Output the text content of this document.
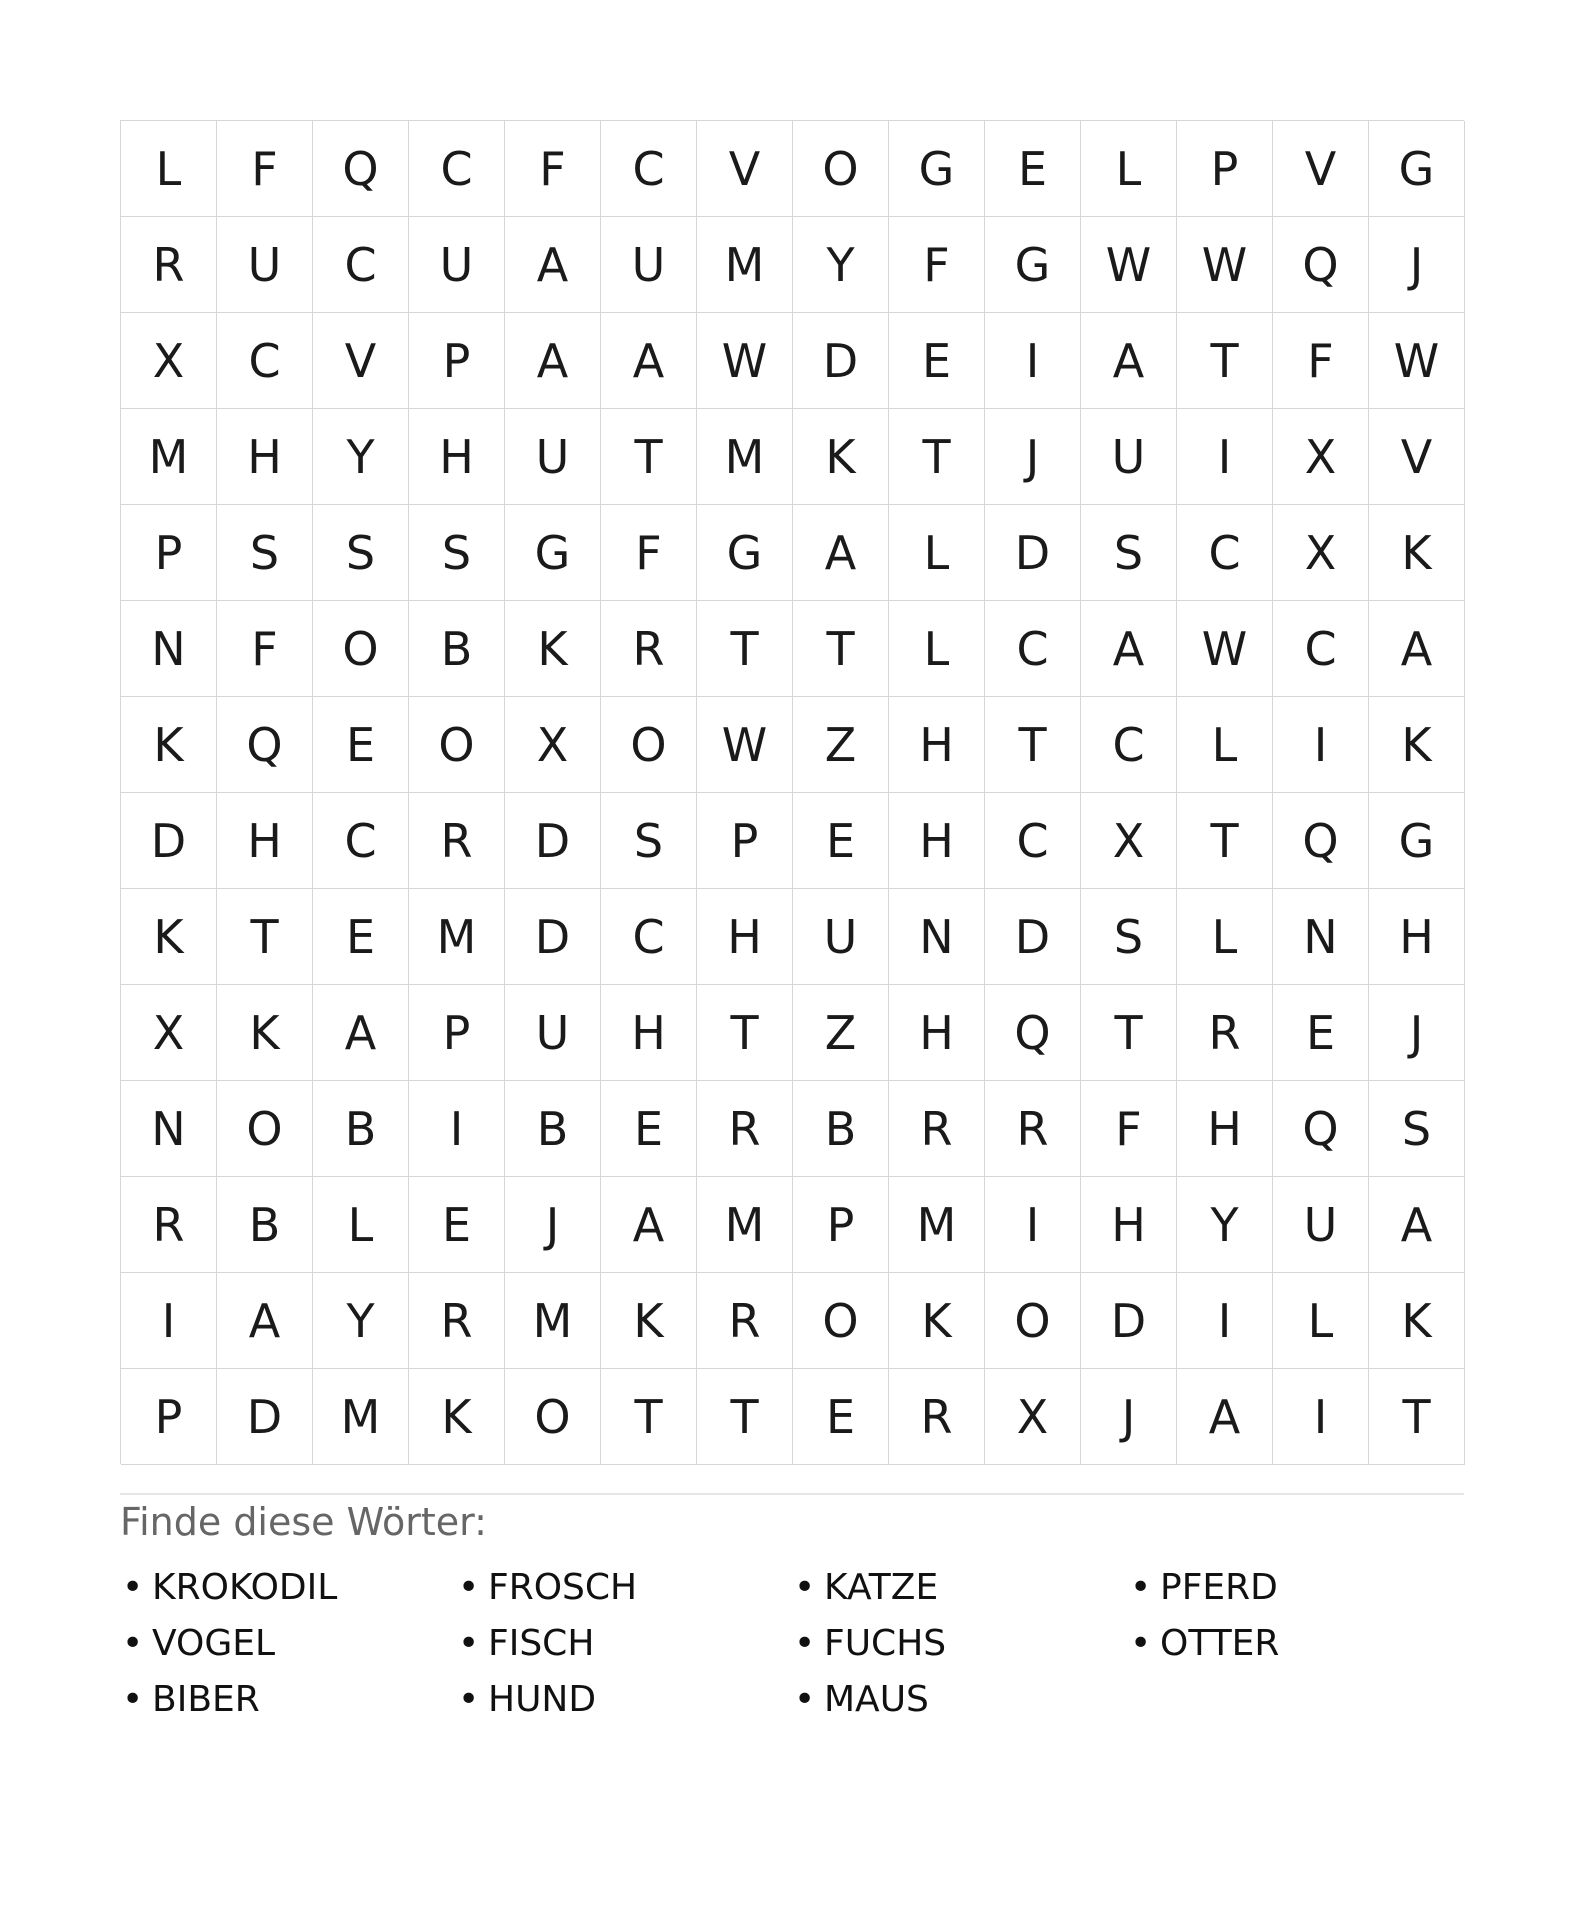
L	F	Q	C	F	C	V	O	G	E	L	P	V	G
R	U	C	U	A	U	M	Y	F	G	W	W	Q	J
X	C	V	P	A	A	W	D	E	I	A	T	F	W
M	H	Y	H	U	T	M	K	T	J	U	I	X	V
P	S	S	S	G	F	G	A	L	D	S	C	X	K
N	F	O	B	K	R	T	T	L	C	A	W	C	A
K	Q	E	O	X	O	W	Z	H	T	C	L	I	K
D	H	C	R	D	S	P	E	H	C	X	T	Q	G
K	T	E	M	D	C	H	U	N	D	S	L	N	H
X	K	A	P	U	H	T	Z	H	Q	T	R	E	J
N	O	B	I	B	E	R	B	R	R	F	H	Q	S
R	B	L	E	J	A	M	P	M	I	H	Y	U	A
I	A	Y	R	M	K	R	O	K	O	D	I	L	K
P	D	M	K	O	T	T	E	R	X	J	A	I	T
Finde diese Wörter:
• KROKODIL	• FROSCH	• KATZE	• PFERD
• VOGEL	• FISCH	• FUCHS	• OTTER
• BIBER	• HUND	• MAUS
